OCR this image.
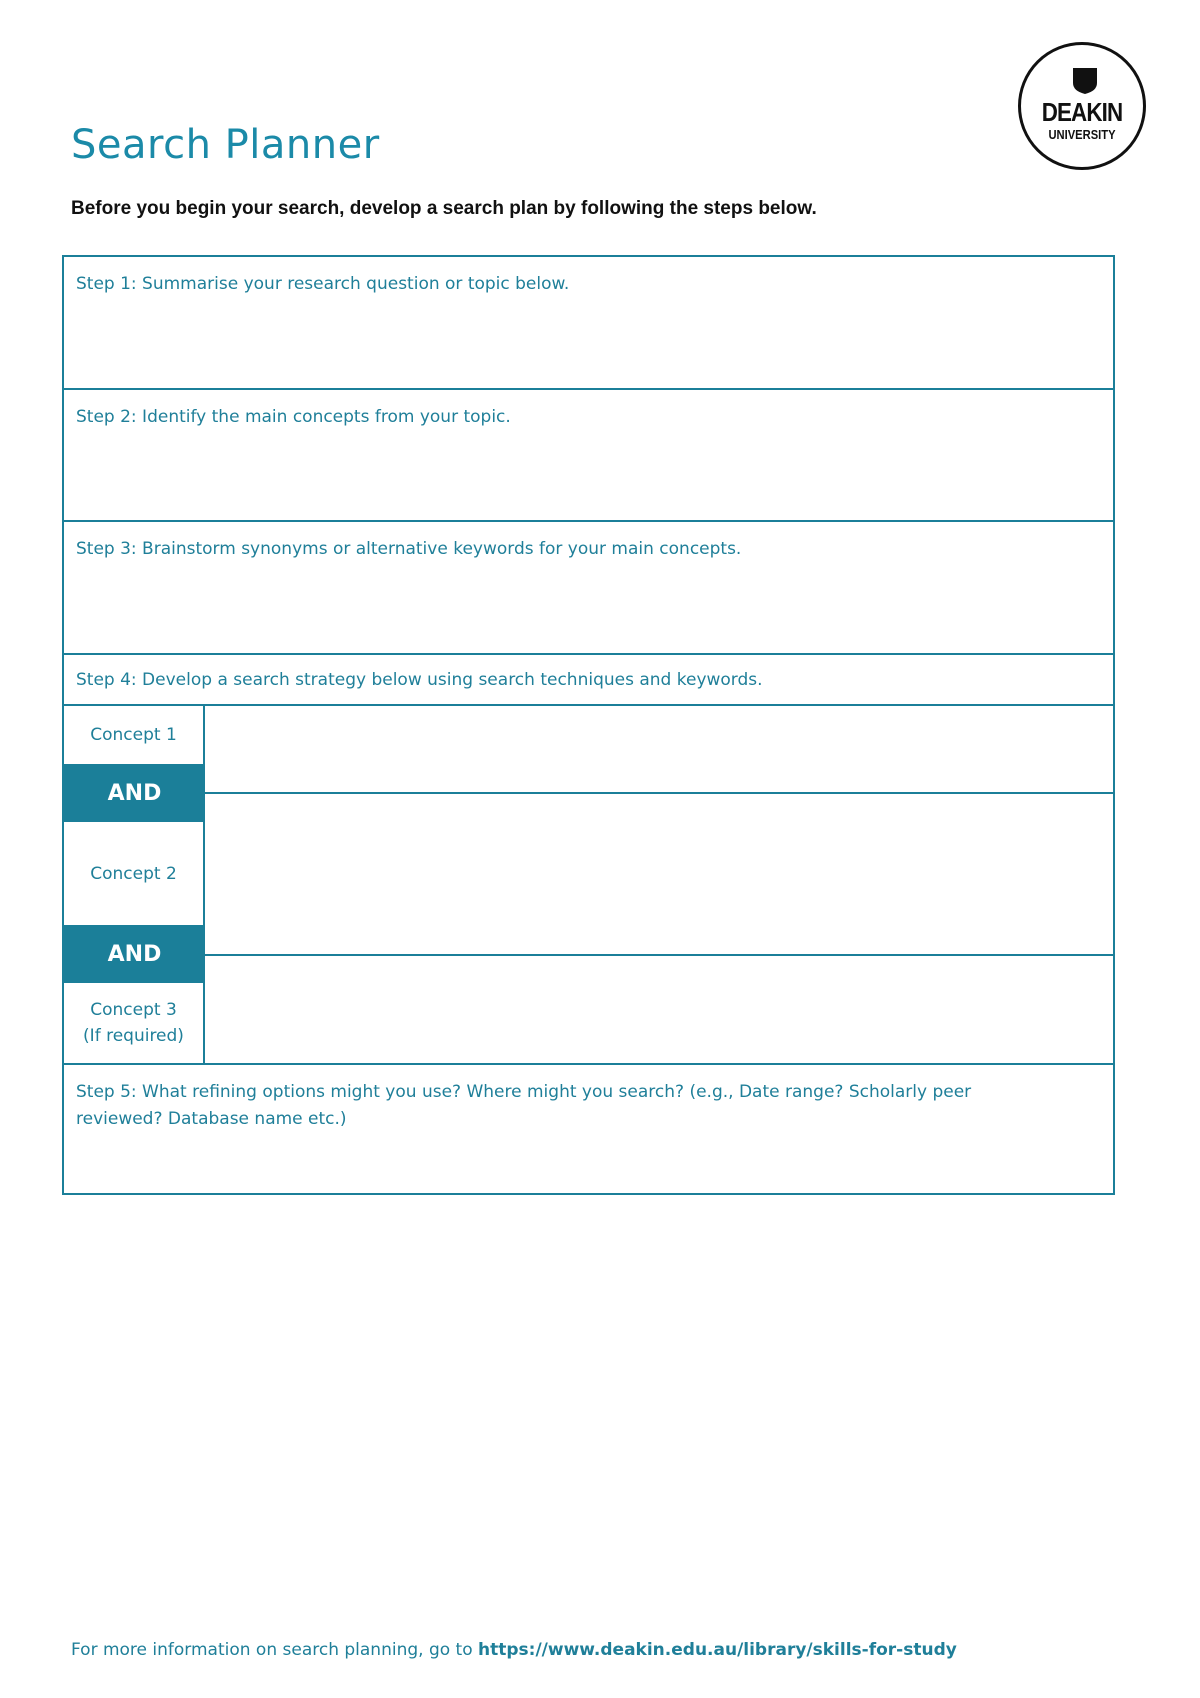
Search Planner
Before you begin your search, develop a search plan by following the steps below.
DEAKIN
UNIVERSITY
Step 1: Summarise your research question or topic below.
Step 2: Identify the main concepts from your topic.
Step 3: Brainstorm synonyms or alternative keywords for your main concepts.
Step 4: Develop a search strategy below using search techniques and keywords.
Concept 1
AND
Concept 2
AND
Concept 3
(If required)
Step 5: What refining options might you use? Where might you search? (e.g., Date range? Scholarly peer reviewed? Database name etc.)
For more information on search planning, go to https://www.deakin.edu.au/library/skills-for-study
